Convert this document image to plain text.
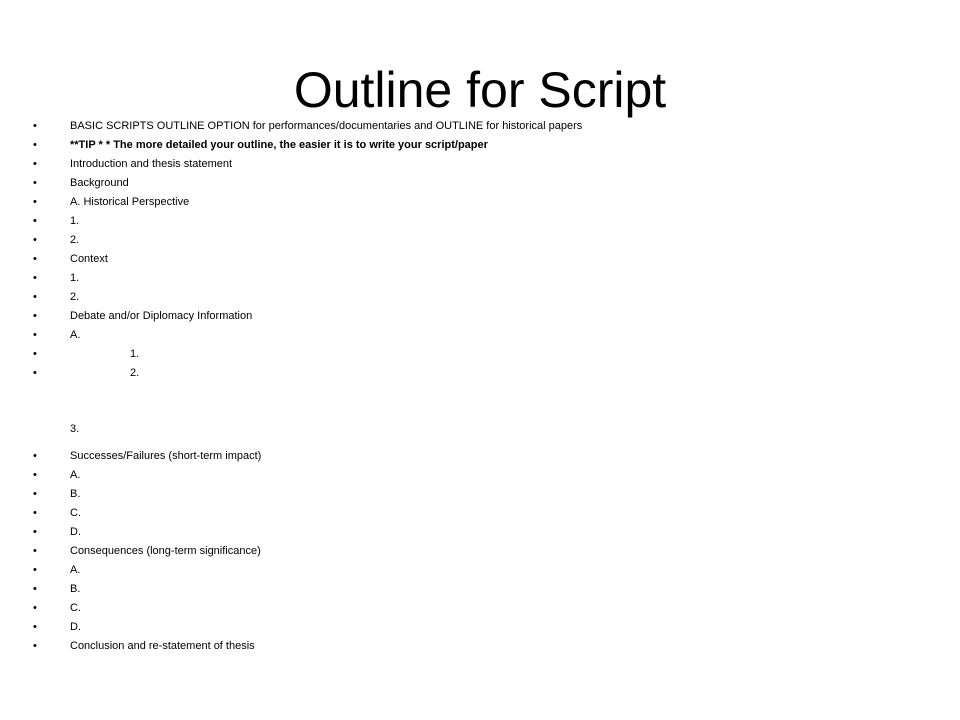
Outline for Script
•	BASIC SCRIPTS OUTLINE OPTION for performances/documentaries and OUTLINE for historical papers
•	**TIP * * The more detailed your outline, the easier it is to write your script/paper
•	Introduction and thesis statement
•	Background
•	A. Historical Perspective
•	1.
•	2.
•	Context
•	1.
•	2.
•	Debate and/or Diplomacy Information
•	A.
•	1.
•	2.
3.
•	Successes/Failures (short-term impact)
•	A.
•	B.
•	C.
•	D.
•	Consequences (long-term significance)
•	A.
•	B.
•	C.
•	D.
•	Conclusion and re-statement of thesis
